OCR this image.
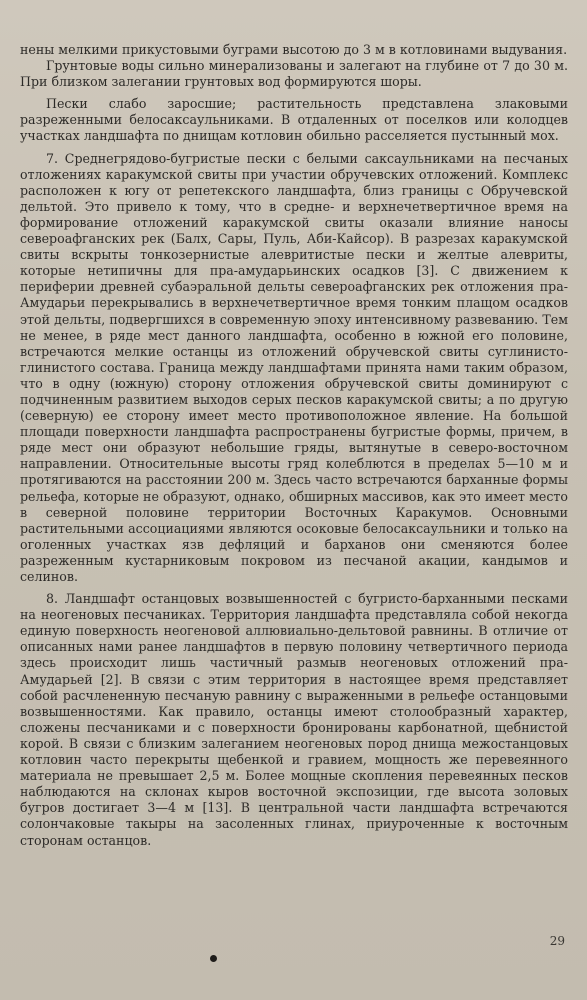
нены мелкими прикустовыми буграми высотою до 3 м в котловинами выдувания.

Грунтовые воды сильно минерализованы и залегают на глубине от 7 до 30 м. При близком залегании грунтовых вод формируются шоры.

Пески слабо заросшие; растительность представлена злаковыми разреженными белосаксаульниками. В отдаленных от поселков или колодцев участках ландшафта по днищам котловин обильно расселяется пустынный мох.

7. Среднегрядово-бугристые пески с белыми саксаульниками на песчаных отложениях каракумской свиты при участии обручевских отложений. Комплекс расположен к югу от репетекского ландшафта, близ границы с Обручевской дельтой. Это привело к тому, что в средне- и верхнечетвертичное время на формирование отложений каракумской свиты оказали влияние наносы североафганских рек (Балх, Сары, Пуль, Аби-Кайсор). В разрезах каракумской свиты вскрыты тонкозернистые алевритистые пески и желтые алевриты, которые нетипичны для пра-амударьинских осадков [3]. С движением к периферии древней субаэральной дельты североафганских рек отложения пра-Амударьи перекрывались в верхнечетвертичное время тонким плащом осадков этой дельты, подвергшихся в современную эпоху интенсивному развеванию. Тем не менее, в ряде мест данного ландшафта, особенно в южной его половине, встречаются мелкие останцы из отложений обручевской свиты суглинисто-глинистого состава. Граница между ландшафтами принята нами таким образом, что в одну (южную) сторону отложения обручевской свиты доминируют с подчиненным развитием выходов серых песков каракумской свиты; а по другую (северную) ее сторону имеет место противоположное явление. На большой площади поверхности ландшафта распространены бугристые формы, причем, в ряде мест они образуют небольшие гряды, вытянутые в северо-восточном направлении. Относительные высоты гряд колеблются в пределах 5—10 м и протягиваются на расстоянии 200 м. Здесь часто встречаются барханные формы рельефа, которые не образуют, однако, обширных массивов, как это имеет место в северной половине территории Восточных Каракумов. Основными растительными ассоциациями являются осоковые белосаксаульники и только на оголенных участках язв дефляций и барханов они сменяются более разреженным кустарниковым покровом из песчаной акации, кандымов и селинов.

8. Ландшафт останцовых возвышенностей с бугристо-барханными песками на неогеновых песчаниках. Территория ландшафта представляла собой некогда единую поверхность неогеновой аллювиально-дельтовой равнины. В отличие от описанных нами ранее ландшафтов в первую половину четвертичного периода здесь происходит лишь частичный размыв неогеновых отложений пра-Амударьей [2]. В связи с этим территория в настоящее время представляет собой расчлененную песчаную равнину с выраженными в рельефе останцовыми возвышенностями. Как правило, останцы имеют столообразный характер, сложены песчаниками и с поверхности бронированы карбонатной, щебнистой корой. В связи с близким залеганием неогеновых пород днища межостанцовых котловин часто перекрыты щебенкой и гравием, мощность же перевеянного материала не превышает 2,5 м. Более мощные скопления перевеянных песков наблюдаются на склонах кыров восточной экспозиции, где высота золовых бугров достигает 3—4 м [13]. В центральной части ландшафта встречаются солончаковые такыры на засоленных глинах, приуроченные к восточным сторонам останцов.

29
